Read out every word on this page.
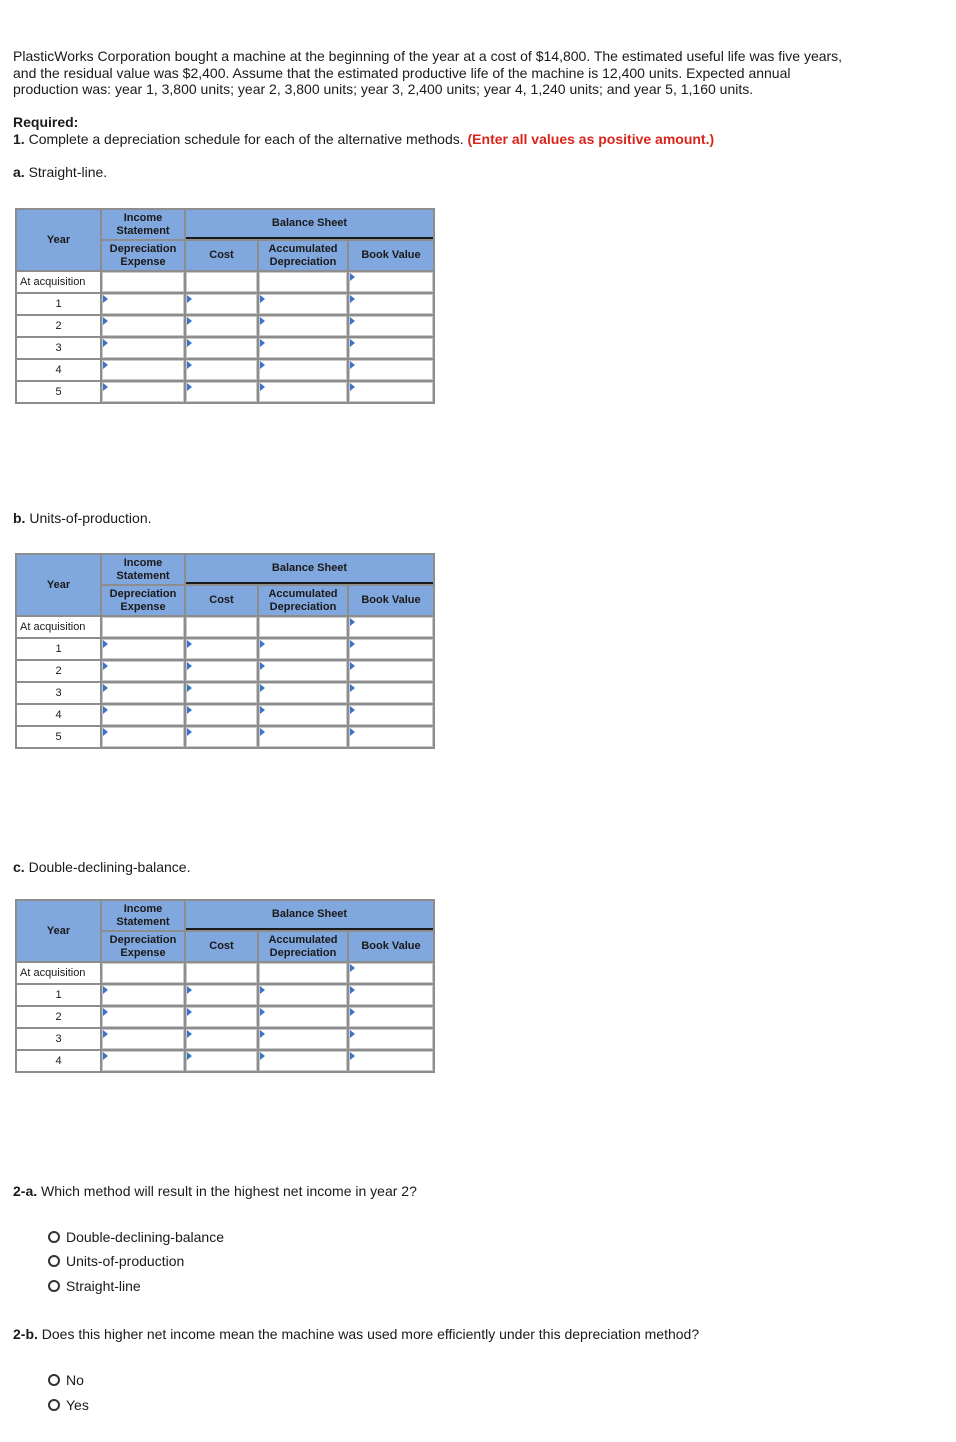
PlasticWorks Corporation bought a machine at the beginning of the year at a cost of $14,800. The estimated useful life was five years,

and the residual value was $2,400. Assume that the estimated productive life of the machine is 12,400 units. Expected annual

production was: year 1, 3,800 units; year 2, 3,800 units; year 3, 2,400 units; year 4, 1,240 units; and year 5, 1,160 units.

Required:

1. Complete a depreciation schedule for each of the alternative methods. (Enter all values as positive amount.)

a. Straight-line.

Year	Income Statement	Balance Sheet		
	Depreciation Expense	Cost	Accumulated Depreciation	Book Value
At acquisition				

1	

2	

3	

4	

5	

b. Units-of-production.

Year	Income Statement	Balance Sheet		
	Depreciation Expense	Cost	Accumulated Depreciation	Book Value
At acquisition				

1	

2	

3	

4	

5	

c. Double-declining-balance.

Year	Income Statement	Balance Sheet		
	Depreciation Expense	Cost	Accumulated Depreciation	Book Value
At acquisition				

1	

2	

3	

4	

2-a. Which method will result in the highest net income in year 2?

Double-declining-balance
Units-of-production
Straight-line

2-b. Does this higher net income mean the machine was used more efficiently under this depreciation method?

No
Yes
